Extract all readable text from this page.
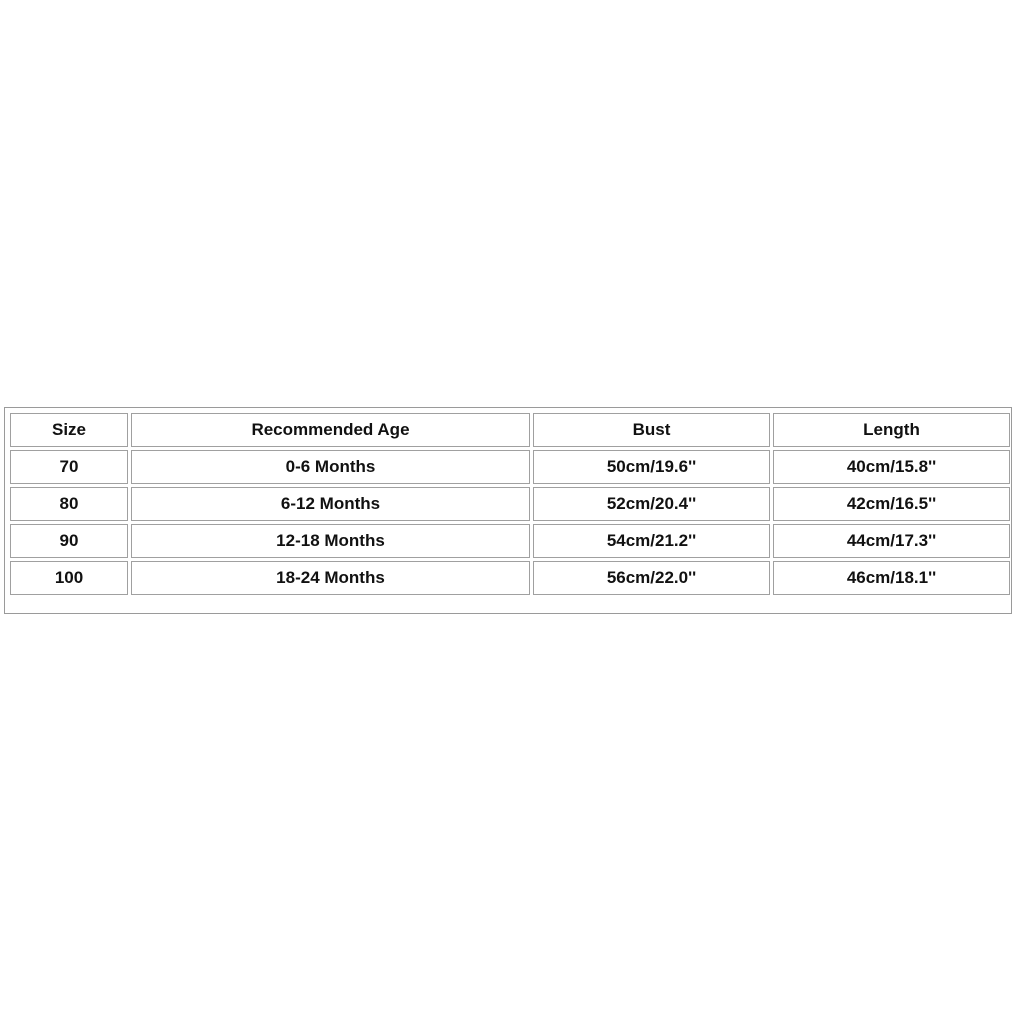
Size	Recommended Age	Bust	Length
70	0-6 Months	50cm/19.6''	40cm/15.8''
80	6-12 Months	52cm/20.4''	42cm/16.5''
90	12-18 Months	54cm/21.2''	44cm/17.3''
100	18-24 Months	56cm/22.0''	46cm/18.1''
